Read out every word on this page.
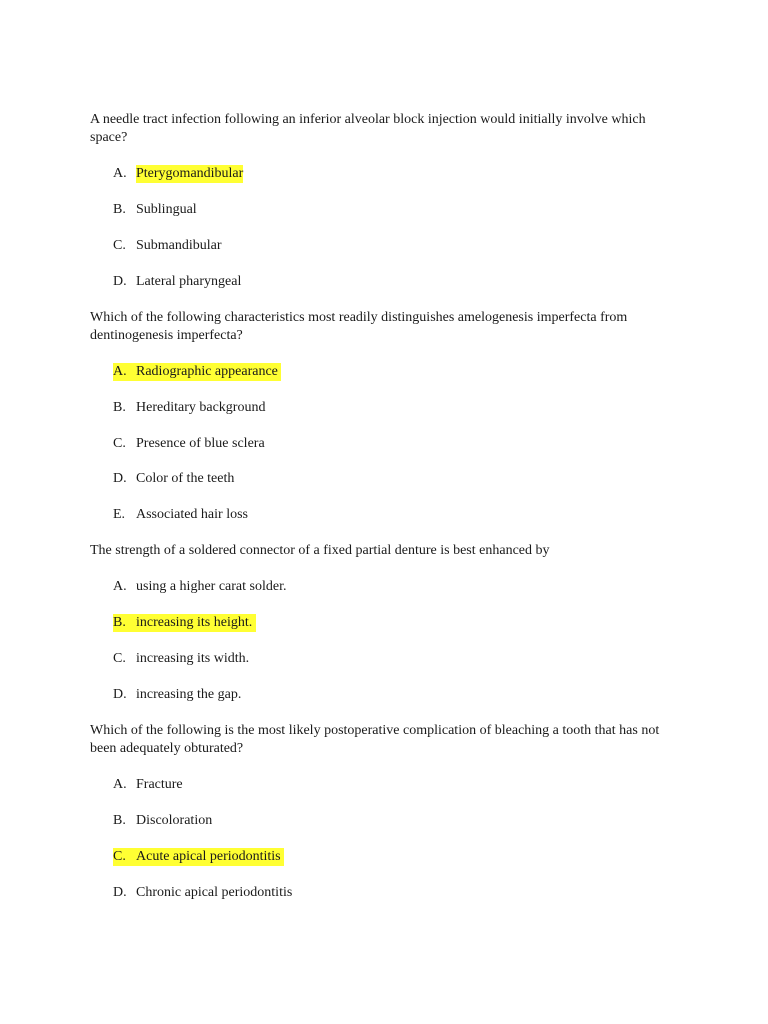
A needle tract infection following an inferior alveolar block injection would initially involve which space?

A. Pterygomandibular
B. Sublingual
C. Submandibular
D. Lateral pharyngeal

Which of the following characteristics most readily distinguishes amelogenesis imperfecta from dentinogenesis imperfecta?

A. Radiographic appearance
B. Hereditary background
C. Presence of blue sclera
D. Color of the teeth
E. Associated hair loss

The strength of a soldered connector of a fixed partial denture is best enhanced by

A. using a higher carat solder.
B. increasing its height.
C. increasing its width.
D. increasing the gap.

Which of the following is the most likely postoperative complication of bleaching a tooth that has not been adequately obturated?

A. Fracture
B. Discoloration
C. Acute apical periodontitis
D. Chronic apical periodontitis
